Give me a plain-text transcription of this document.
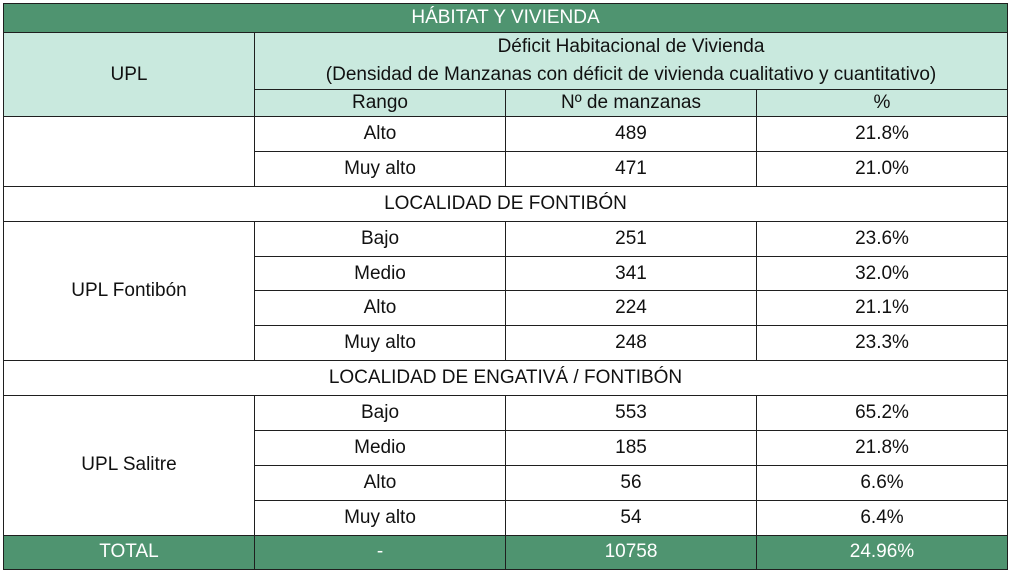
HÁBITAT Y VIVIENDA			
UPL	Déficit Habitacional de Vivienda
(Densidad de Manzanas con déficit de vivienda cualitativo y cuantitativo)		

	Rango	Nº de manzanas	%
	Alto	489	21.8%
	Muy alto	471	21.0%
LOCALIDAD DE FONTIBÓN			
UPL Fontibón	Bajo	251	23.6%
	Medio	341	32.0%
	Alto	224	21.1%
	Muy alto	248	23.3%
LOCALIDAD DE ENGATIVÁ / FONTIBÓN			
UPL Salitre	Bajo	553	65.2%
	Medio	185	21.8%
	Alto	56	6.6%
	Muy alto	54	6.4%
TOTAL	-	10758	24.96%
